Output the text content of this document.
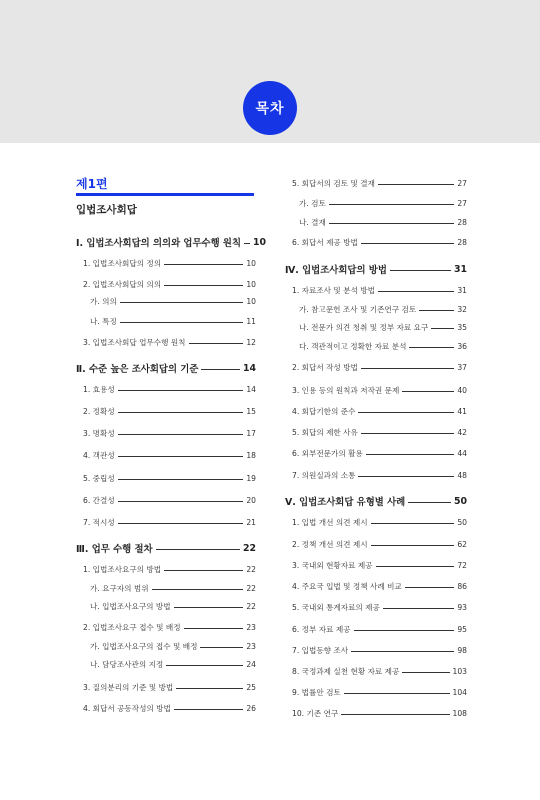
목차
제1편
입법조사회답
Ⅰ. 입법조사회답의 의의와 업무수행 원칙 10
1. 입법조사회답의 정의	10
2. 입법조사회답의 의의	10
가. 의의	10
나. 특징	11
3. 입법조사회답 업무수행 원칙	12
Ⅱ. 수준 높은 조사회답의 기준	14
1. 효용성	14
2. 정확성	15
3. 명확성	17
4. 객관성	18
5. 중립성	19
6. 간결성	20
7. 적시성	21
Ⅲ. 업무 수행 절차	22
1. 입법조사요구의 방법	22
가. 요구자의 범위	22
나. 입법조사요구의 방법	22
2. 입법조사요구 접수 및 배정	23
가. 입법조사요구의 접수 및 배정	23
나. 담당조사관의 지정	24
3. 질의분리의 기준 및 방법	25
4. 회답서 공동작성의 방법	26
5. 회답서의 검토 및 결재	27
가. 검토	27
나. 결재	28
6. 회답서 제공 방법	28
Ⅳ. 입법조사회답의 방법	31
1. 자료조사 및 분석 방법	31
가. 참고문헌 조사 및 기존연구 검토	32
나. 전문가 의견 청취 및 정부 자료 요구	35
다. 객관적이고 정확한 자료 분석	36
2. 회답서 작성 방법	37
3. 인용 등의 원칙과 저작권 문제	40
4. 회답기한의 준수	41
5. 회답의 제한 사유	42
6. 외부전문가의 활용	44
7. 의원실과의 소통	48
Ⅴ. 입법조사회답 유형별 사례	50
1. 입법 개선 의견 제시	50
2. 정책 개선 의견 제시	62
3. 국내외 현황자료 제공	72
4. 주요국 입법 및 정책 사례 비교	86
5. 국내외 통계자료의 제공	93
6. 정부 자료 제공	95
7. 입법동향 조사	98
8. 국정과제 실천 현황 자료 제공	103
9. 법률안 검토	104
10. 기존 연구	108
